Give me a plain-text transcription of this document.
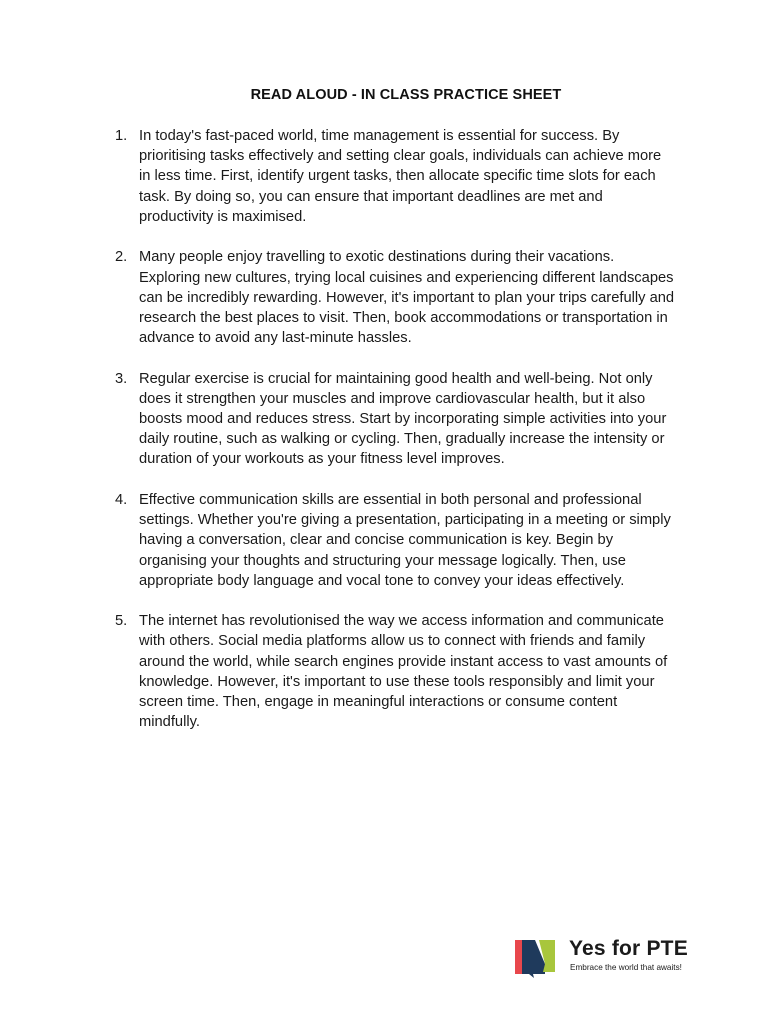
READ ALOUD - IN CLASS PRACTICE SHEET
1. In today's fast-paced world, time management is essential for success. By prioritising tasks effectively and setting clear goals, individuals can achieve more in less time. First, identify urgent tasks, then allocate specific time slots for each task. By doing so, you can ensure that important deadlines are met and productivity is maximised.
2. Many people enjoy travelling to exotic destinations during their vacations. Exploring new cultures, trying local cuisines and experiencing different landscapes can be incredibly rewarding. However, it's important to plan your trips carefully and research the best places to visit. Then, book accommodations or transportation in advance to avoid any last-minute hassles.
3. Regular exercise is crucial for maintaining good health and well-being. Not only does it strengthen your muscles and improve cardiovascular health, but it also boosts mood and reduces stress. Start by incorporating simple activities into your daily routine, such as walking or cycling. Then, gradually increase the intensity or duration of your workouts as your fitness level improves.
4. Effective communication skills are essential in both personal and professional settings. Whether you're giving a presentation, participating in a meeting or simply having a conversation, clear and concise communication is key. Begin by organising your thoughts and structuring your message logically. Then, use appropriate body language and vocal tone to convey your ideas effectively.
5. The internet has revolutionised the way we access information and communicate with others. Social media platforms allow us to connect with friends and family around the world, while search engines provide instant access to vast amounts of knowledge. However, it's important to use these tools responsibly and limit your screen time. Then, engage in meaningful interactions or consume content mindfully.
Yes for PTE
Embrace the world that awaits!
